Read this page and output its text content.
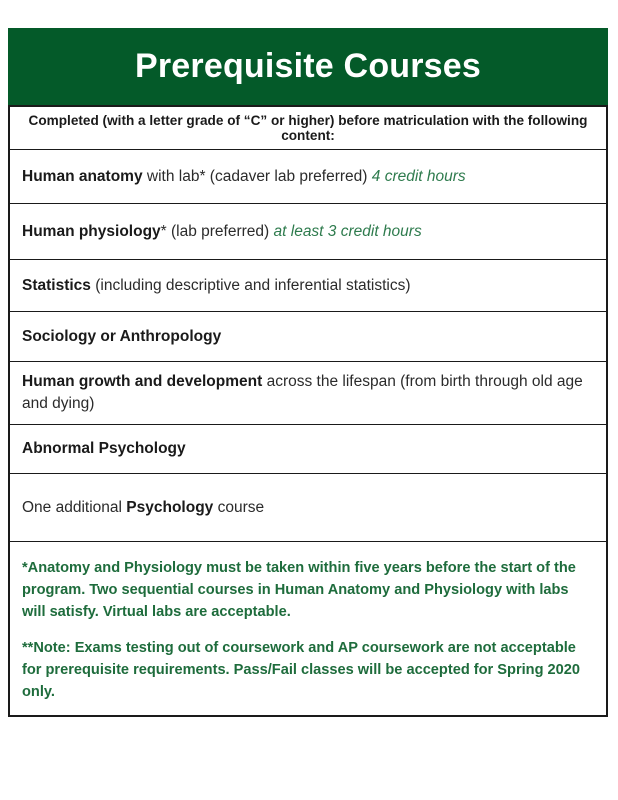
Prerequisite Courses
Completed (with a letter grade of “C” or higher) before matriculation with the following content:
Human anatomy with lab* (cadaver lab preferred) 4 credit hours
Human physiology* (lab preferred) at least 3 credit hours
Statistics (including descriptive and inferential statistics)
Sociology or Anthropology
Human growth and development across the lifespan (from birth through old age and dying)
Abnormal Psychology
One additional Psychology course

*Anatomy and Physiology must be taken within five years before the start of the program. Two sequential courses in Human Anatomy and Physiology with labs will satisfy. Virtual labs are acceptable.

**Note: Exams testing out of coursework and AP coursework are not acceptable for prerequisite requirements. Pass/Fail classes will be accepted for Spring 2020 only.
